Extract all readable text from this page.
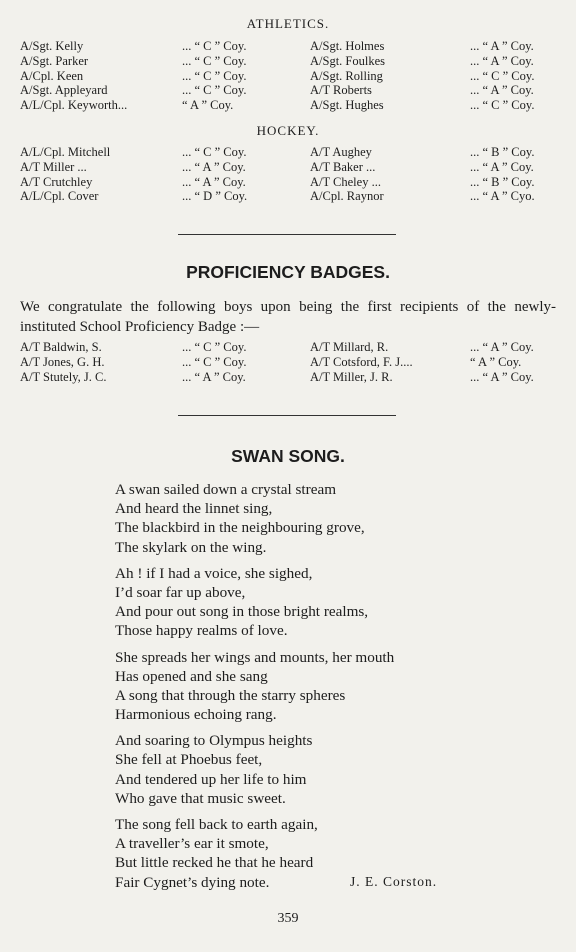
ATHLETICS.
A/Sgt. Kelly	... “ C ” Coy.	A/Sgt. Holmes	... “ A ” Coy.
A/Sgt. Parker	... “ C ” Coy.	A/Sgt. Foulkes	... “ A ” Coy.
A/Cpl. Keen	... “ C ” Coy.	A/Sgt. Rolling	... “ C ” Coy.
A/Sgt. Appleyard	... “ C ” Coy.	A/T Roberts	... “ A ” Coy.
A/L/Cpl. Keyworth...	“ A ” Coy.	A/Sgt. Hughes	... “ C ” Coy.
HOCKEY.
A/L/Cpl. Mitchell	... “ C ” Coy.	A/T Aughey	... “ B ” Coy.
A/T Miller ...	... “ A ” Coy.	A/T Baker ...	... “ A ” Coy.
A/T Crutchley	... “ A ” Coy.	A/T Cheley ...	... “ B ” Coy.
A/L/Cpl. Cover	... “ D ” Coy.	A/Cpl. Raynor	... “ A ” Cyo.
PROFICIENCY BADGES.
We congratulate the following boys upon being the first recipients of the newly-instituted School Proficiency Badge :—
A/T Baldwin, S.	... “ C ” Coy.	A/T Millard, R.	... “ A ” Coy.
A/T Jones, G. H.	... “ C ” Coy.	A/T Cotsford, F. J....	“ A ” Coy.
A/T Stutely, J. C.	... “ A ” Coy.	A/T Miller, J. R.	... “ A ” Coy.
SWAN SONG.
A swan sailed down a crystal stream
And heard the linnet sing,
The blackbird in the neighbouring grove,
The skylark on the wing.
Ah ! if I had a voice, she sighed,
I’d soar far up above,
And pour out song in those bright realms,
Those happy realms of love.
She spreads her wings and mounts, her mouth
Has opened and she sang
A song that through the starry spheres
Harmonious echoing rang.
And soaring to Olympus heights
She fell at Phoebus feet,
And tendered up her life to him
Who gave that music sweet.
The song fell back to earth again,
A traveller’s ear it smote,
But little recked he that he heard
Fair Cygnet’s dying note.	J. E. Corston.
359
